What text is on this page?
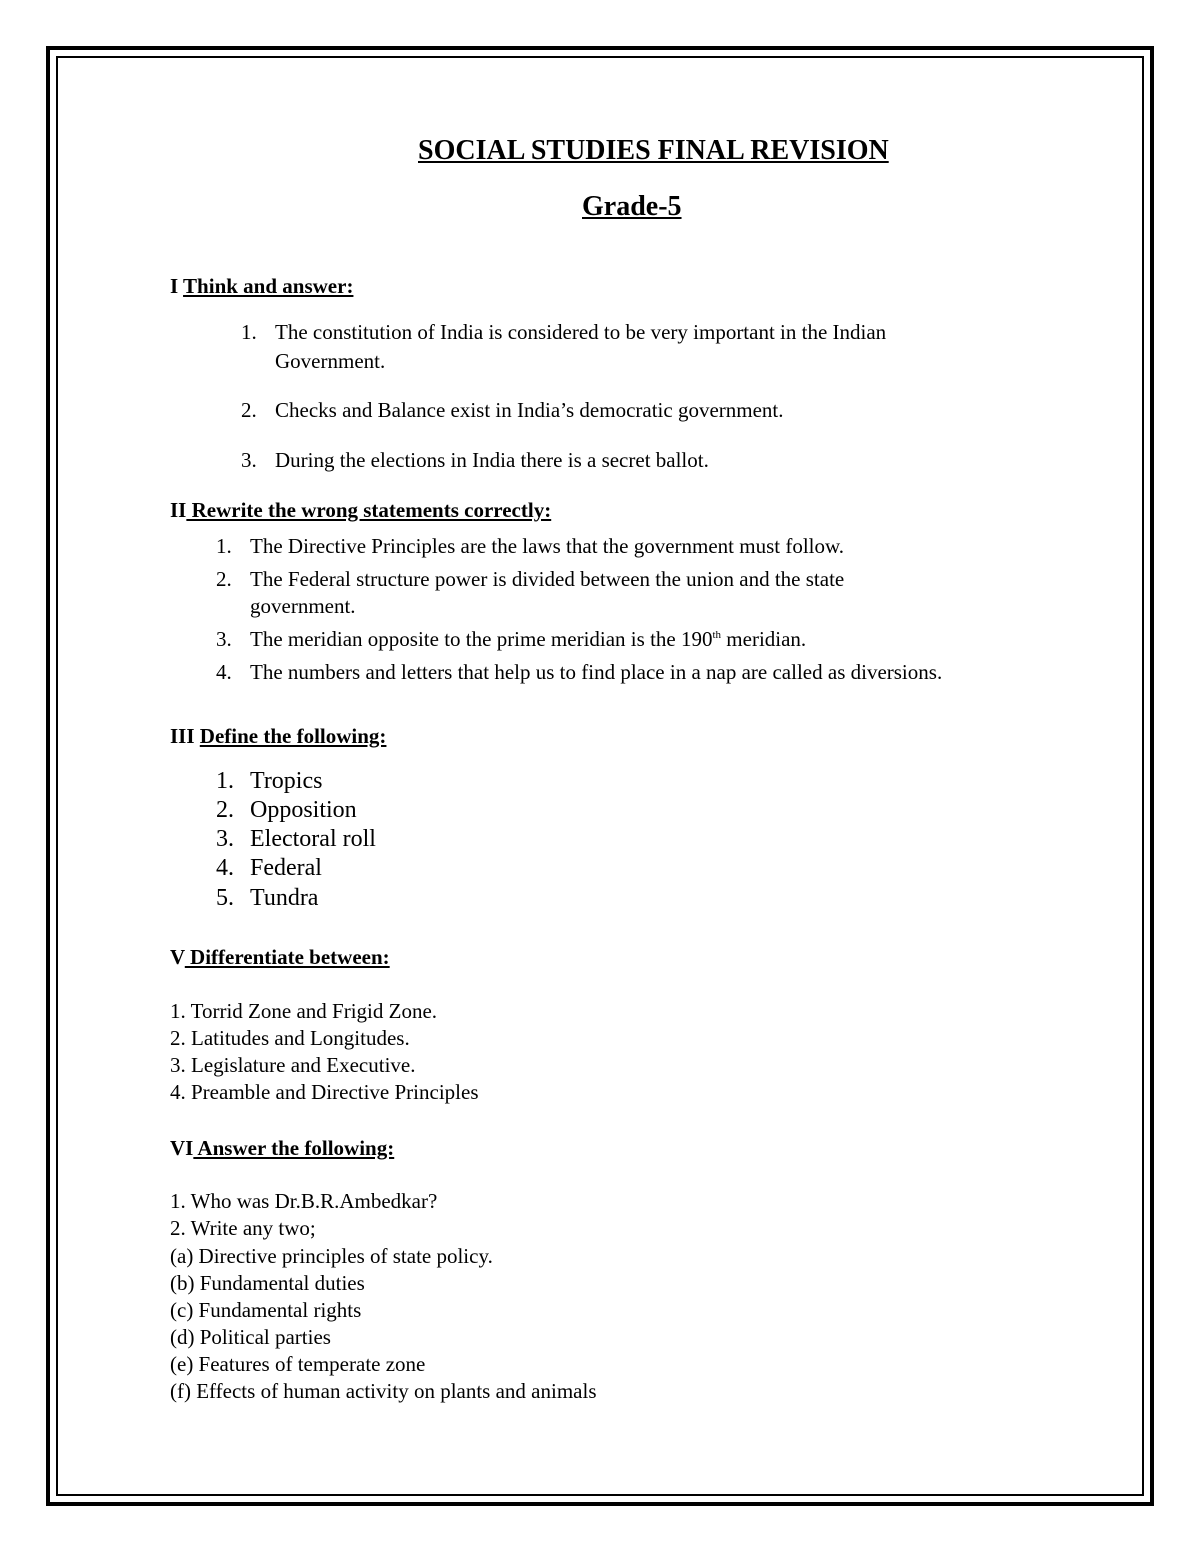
SOCIAL STUDIES FINAL REVISION
Grade-5
I Think and answer:
1. The constitution of India is considered to be very important in the Indian
Government.
2. Checks and Balance exist in India’s democratic government.
3. During the elections in India there is a secret ballot.
II Rewrite the wrong statements correctly:
1. The Directive Principles are the laws that the government must follow.
2. The Federal structure power is divided between the union and the state
government.
3. The meridian opposite to the prime meridian is the 190th meridian.
4. The numbers and letters that help us to find place in a nap are called as diversions.
III Define the following:
1. Tropics
2. Opposition
3. Electoral roll
4. Federal
5. Tundra
V Differentiate between:
1. Torrid Zone and Frigid Zone.
2. Latitudes and Longitudes.
3. Legislature and Executive.
4. Preamble and Directive Principles
VI Answer the following:
1. Who was Dr.B.R.Ambedkar?
2. Write any two;
(a) Directive principles of state policy.
(b) Fundamental duties
(c) Fundamental rights
(d) Political parties
(e) Features of temperate zone
(f) Effects of human activity on plants and animals
